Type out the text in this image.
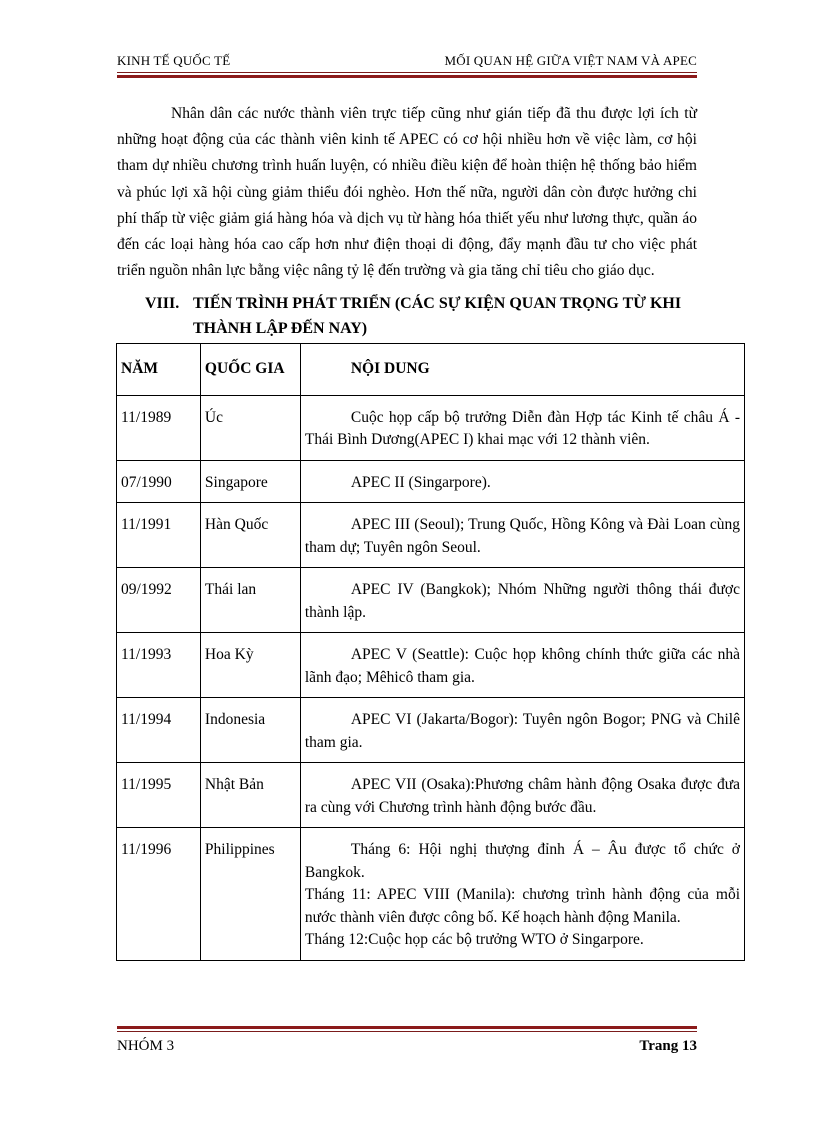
KINH TẾ QUỐC TẾ	MỐI QUAN HỆ GIỮA VIỆT NAM VÀ APEC

Nhân dân các nước thành viên trực tiếp cũng như gián tiếp đã thu được lợi ích từ những hoạt động của các thành viên kinh tế APEC có cơ hội nhiều hơn về việc làm, cơ hội tham dự nhiều chương trình huấn luyện, có nhiều điều kiện để hoàn thiện hệ thống bảo hiểm và phúc lợi xã hội cùng giảm thiểu đói nghèo. Hơn thế nữa, người dân còn được hưởng chi phí thấp từ việc giảm giá hàng hóa và dịch vụ từ hàng hóa thiết yếu như lương thực, quần áo đến các loại hàng hóa cao cấp hơn như điện thoại di động, đẩy mạnh đầu tư cho việc phát triển nguồn nhân lực bằng việc nâng tỷ lệ đến trường và gia tăng chỉ tiêu cho giáo dục.

VIII. TIẾN TRÌNH PHÁT TRIỂN (CÁC SỰ KIỆN QUAN TRỌNG TỪ KHI THÀNH LẬP ĐẾN NAY)
NĂM	QUỐC GIA	NỘI DUNG
11/1989	Úc	Cuộc họp cấp bộ trưởng Diễn đàn Hợp tác Kinh tế châu Á - Thái Bình Dương(APEC I) khai mạc với 12 thành viên.

07/1990	Singapore	APEC II (Singarpore).

11/1991	Hàn Quốc	APEC III (Seoul); Trung Quốc, Hồng Kông và Đài Loan cùng tham dự; Tuyên ngôn Seoul.

09/1992	Thái lan	APEC IV (Bangkok); Nhóm Những người thông thái được thành lập.

11/1993	Hoa Kỳ	APEC V (Seattle): Cuộc họp không chính thức giữa các nhà lãnh đạo; Mêhicô tham gia.

11/1994	Indonesia	APEC VI (Jakarta/Bogor): Tuyên ngôn Bogor; PNG và Chilê tham gia.

11/1995	Nhật Bản	APEC VII (Osaka):Phương châm hành động Osaka được đưa ra cùng với Chương trình hành động bước đầu.

11/1996	Philippines	Tháng 6: Hội nghị thượng đỉnh Á – Âu được tổ chức ở Bangkok.
Tháng 11: APEC VIII (Manila): chương trình hành động của mỗi nước thành viên được công bố. Kế hoạch hành động Manila.
Tháng 12:Cuộc họp các bộ trưởng WTO ở Singarpore.
NHÓM 3	Trang 13
